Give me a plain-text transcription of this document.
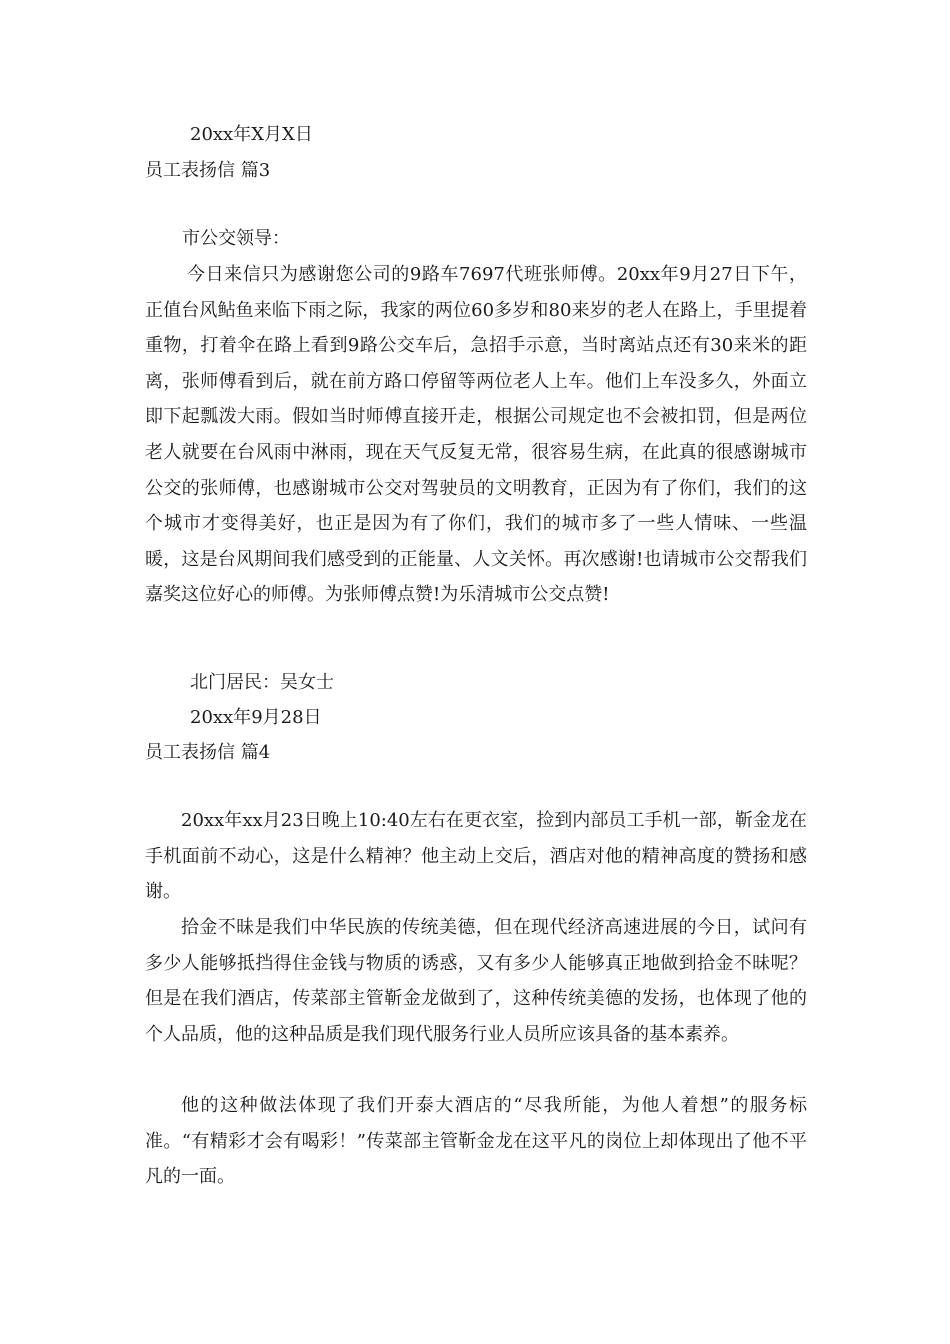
20xx年X月X日
员工表扬信 篇3
市公交领导：

今日来信只为感谢您公司的9路车7697代班张师傅。20xx年9月27日下午，正值台风鲇鱼来临下雨之际，我家的两位60多岁和80来岁的老人在路上，手里提着重物，打着伞在路上看到9路公交车后，急招手示意，当时离站点还有30来米的距离，张师傅看到后，就在前方路口停留等两位老人上车。他们上车没多久，外面立即下起瓢泼大雨。假如当时师傅直接开走，根据公司规定也不会被扣罚，但是两位老人就要在台风雨中淋雨，现在天气反复无常，很容易生病，在此真的很感谢城市公交的张师傅，也感谢城市公交对驾驶员的文明教育，正因为有了你们，我们的这个城市才变得美好，也正是因为有了你们，我们的城市多了一些人情味、一些温暖，这是台风期间我们感受到的正能量、人文关怀。再次感谢!也请城市公交帮我们嘉奖这位好心的师傅。为张师傅点赞!为乐清城市公交点赞!

北门居民：吴女士
20xx年9月28日
员工表扬信 篇4

20xx年xx月23日晚上10:40左右在更衣室，捡到内部员工手机一部，靳金龙在手机面前不动心，这是什么精神？他主动上交后，酒店对他的精神高度的赞扬和感谢。

拾金不昧是我们中华民族的传统美德，但在现代经济高速进展的今日，试问有多少人能够抵挡得住金钱与物质的诱惑，又有多少人能够真正地做到拾金不昧呢？但是在我们酒店，传菜部主管靳金龙做到了，这种传统美德的发扬，也体现了他的个人品质，他的这种品质是我们现代服务行业人员所应该具备的基本素养。

他的这种做法体现了我们开泰大酒店的“尽我所能，为他人着想”的服务标准。“有精彩才会有喝彩！”传菜部主管靳金龙在这平凡的岗位上却体现出了他不平凡的一面。
